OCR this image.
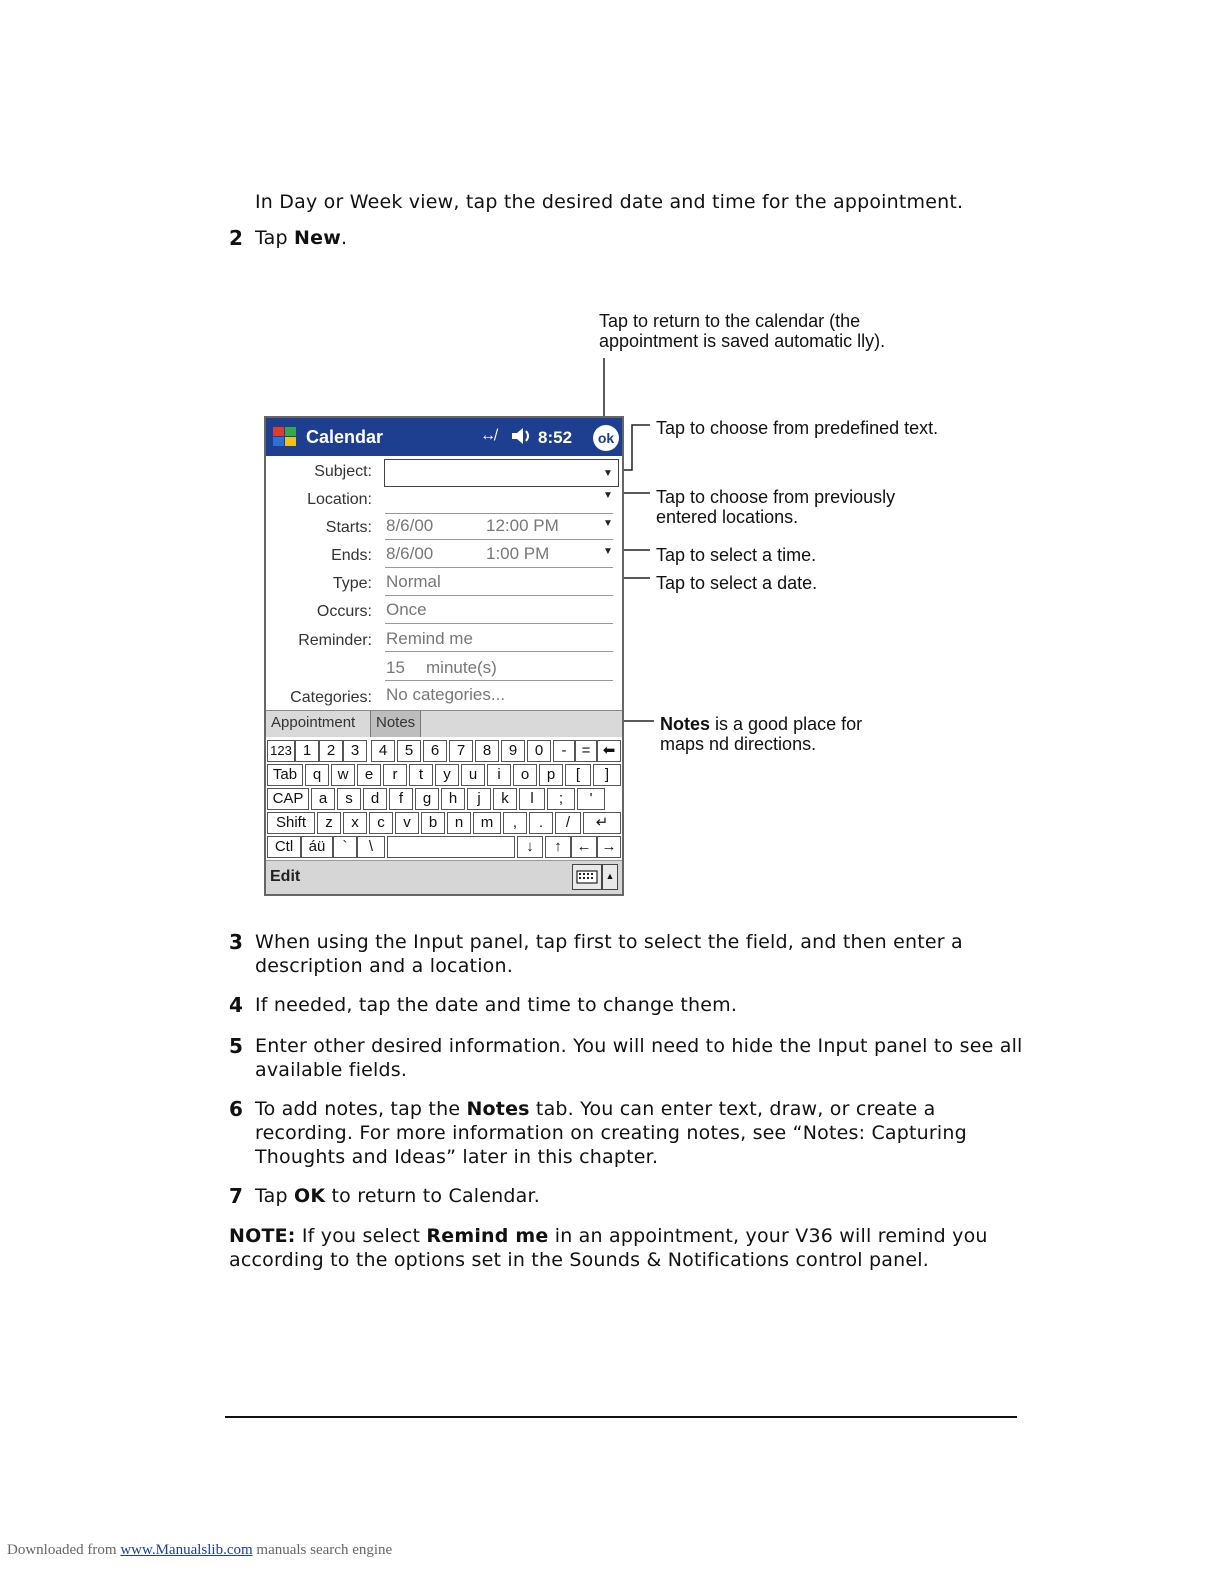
In Day or Week view, tap the desired date and time for the appointment.
2 Tap New.
Tap to return to the calendar (the
appointment is saved automatic lly).
Tap to choose from predefined text.
Tap to choose from previously
entered locations.
Tap to select a time.
Tap to select a date.
Notes is a good place for
maps nd directions.
Calendar	↮ 8:52	ok
Subject:	▼
Location:	▼
Starts: 8/6/00	12:00 PM	▼
Ends: 8/6/00	1:00 PM	▼
Type: Normal
Occurs: Once
Reminder: Remind me
15 minute(s)
Categories: No categories...
Appointment	Notes
123 1	2	3	4	5	6	7	8	9	0	-	= ⬅
Tab	q	w	e	r	t	y	u	i	o	p	[	]
CAP	a	s	d	f	g	h	j	k	l	;	'
Shift	z	x	c	v	b	n	m	,	.	/	↵
Ctl	áü	`	\	↓	↑ ← →
Edit	▲
3 When using the Input panel, tap first to select the field, and then enter a description and a location.
4 If needed, tap the date and time to change them.
5 Enter other desired information. You will need to hide the Input panel to see all available fields.
6 To add notes, tap the Notes tab. You can enter text, draw, or create a recording. For more information on creating notes, see “Notes: Capturing Thoughts and Ideas” later in this chapter.
7 Tap OK to return to Calendar.
NOTE: If you select Remind me in an appointment, your V36 will remind you according to the options set in the Sounds & Notifications control panel.
Downloaded from www.Manualslib.com manuals search engine
